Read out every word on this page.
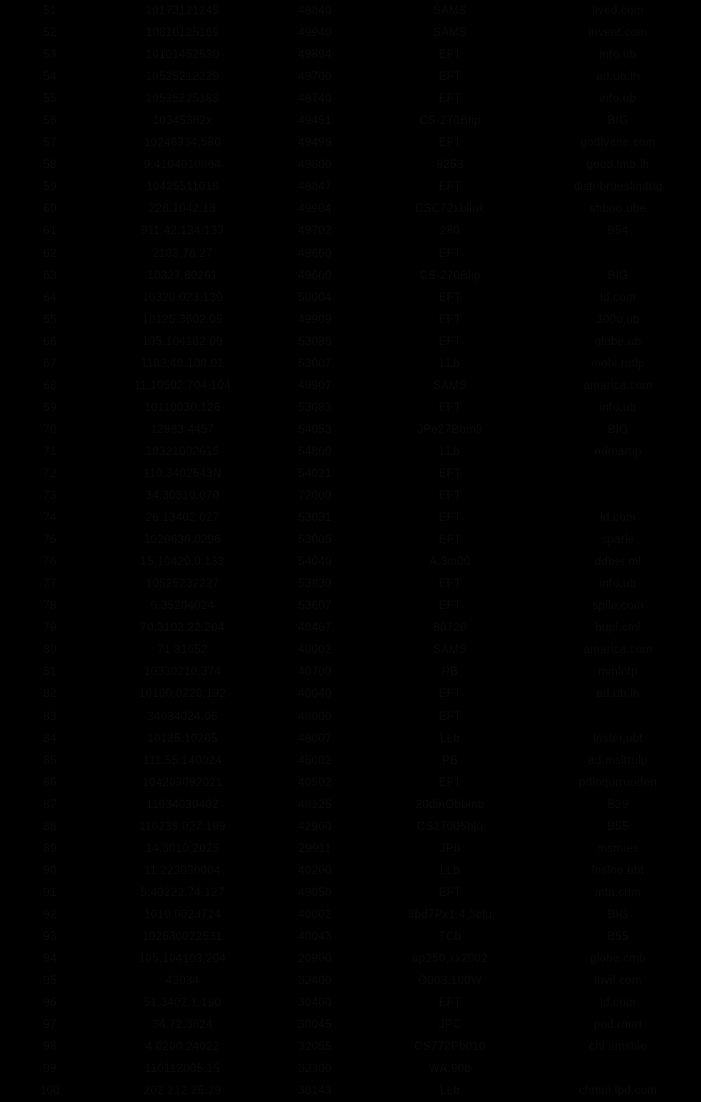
51	10173121245	49840	SAMS	lived.com
52	10810125169	49940	SAMS	invent.com
53	10101452530	49894	EFT	info.ub
54	10525212229	49700	EFT	ad.ub.lh
55	10525225185	49740	EFT	info.ub
56	10345382x	49451	CS-270Blip	BIG
57	10246334,580	49496	EFT	godlvane.com
58	9.4104010064	49800	8253	good.lmb.lh
59	10425511018	49847	EFT	distribrueslimtng
60	228.1042.18	49904	CSC72xblink	shboo.ube
61	911.42.134.133	49702	280	B54
62	2103.78.27	49660	EFT	
63	10327,80261	49600	CS-270Blip	BIG
64	10320,023,139	50004	EFT	ld.com
65	10125.3602.05	49909	EFT	300o.ub
66	105.104102.09	53086	EFT	globe.ub
67	1103.40.100.01	53007	LLb	mobi.rutlp
68	11.10502,704.104	49907	SAMS	amarica.com
69	10110030,126	53083	EFT	info.ub
70	12983.4457	54053	JPe27Bbm9	BIG
71	10321002615	54800	LLb	ndmartip
72	110.3402543N	54021	EFT	
73	34.30310.070	72000	EFT	
74	26.13402.027	53031	EFT	ld.com
75	1020630.0296	53005	EFT	sparle
76	15.10420,0,133	54040	A.3m00	ddber.ml
77	10525232227	53830	EFT	info.ub
78	6.35204024	53607	EFT	spile.com
79	70.3102,22.204	40467	80720	bupl.cml
80	71.31652	40002	SAMS	amarica.com
81	10330210,374	40700	PB	mmlntp
82	10100,0220,192	40040	EFT	ad.ub.lh
83	34034024,06	40000	EFT	
84	10125,10205	49007	LLb	lnster.ubt
85	111.55.140024	45002	PB	ad.msltrulp
86	104203092021	40502	EFT	pdloqurruoden
87	11034030402	40125	20dinObbmb	B29
88	110239,027,199	42900	CS27005blu	B55
89	14.3010,2025	29911	JPb	msmies
90	11.223030004	40200	LLb	lnsloo.ubt
91	5.40222,74.127	49050	EFT	mtn.cdm
92	1010.0023724	40002	3bd7Px1.4,3blu	BIG
93	102630022531	40043	TCb	B55
94	105,104103,204	20900	ap250,xx2002	globe.cmb
95	43034	32400	O003.100W	lnvil.com
96	51.3402,1.190	30400	EFT	ld.com
97	34.72.3624	30045	JPC	pod.rnurt
98	4.0200.24022	32055	CS772Pb010	chl.amsble
99	110112005.15	32300	WA.90b	
100	202.212.25.29	38143	LLb	chmm.lpd.com
